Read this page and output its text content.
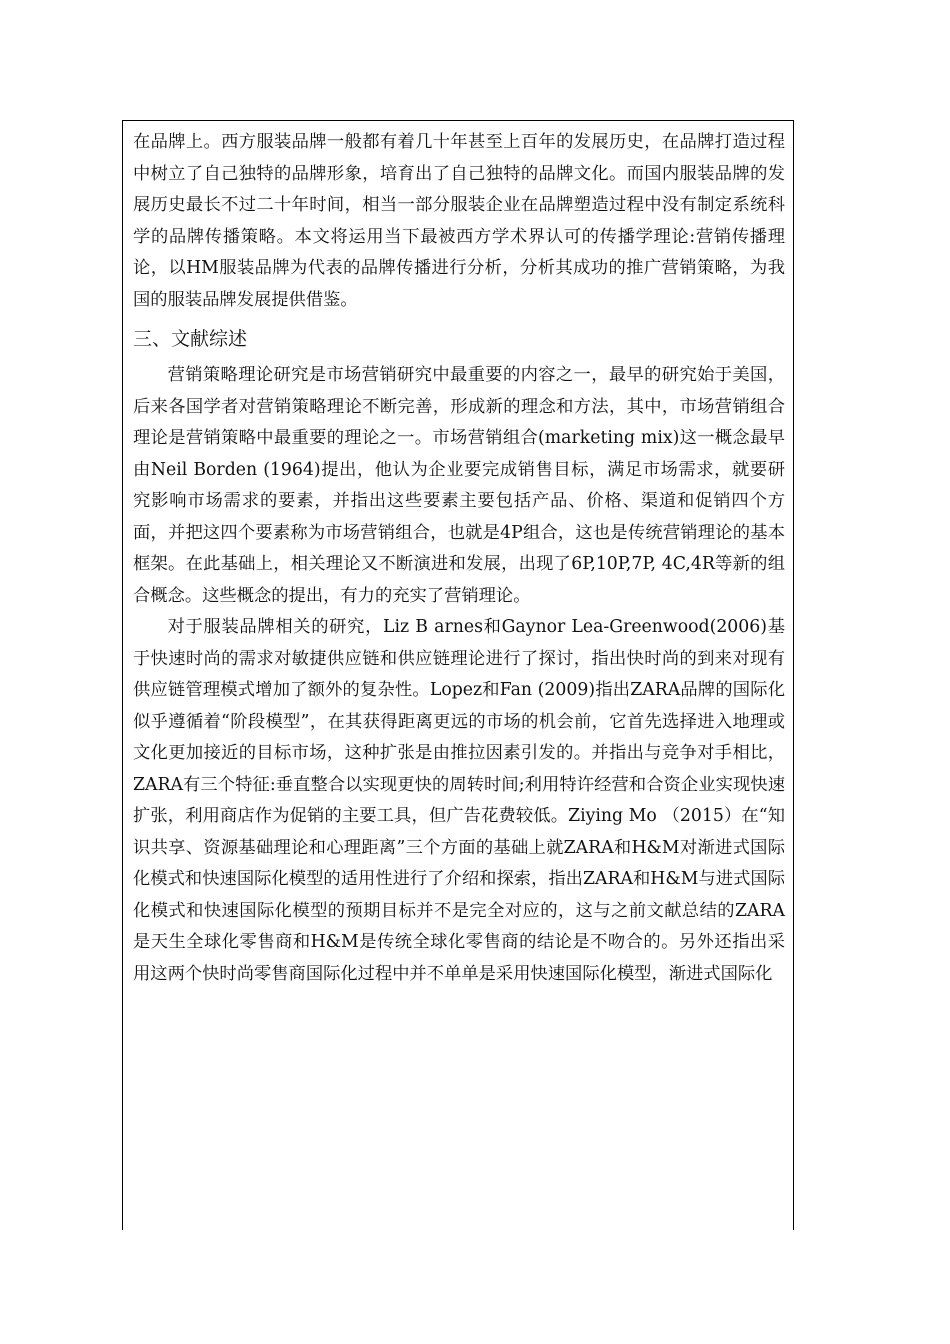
在品牌上。西方服装品牌一般都有着几十年甚至上百年的发展历史，在品牌打造过程中树立了自己独特的品牌形象，培育出了自己独特的品牌文化。而国内服装品牌的发展历史最长不过二十年时间，相当一部分服装企业在品牌塑造过程中没有制定系统科学的品牌传播策略。本文将运用当下最被西方学术界认可的传播学理论:营销传播理论，以HM服装品牌为代表的品牌传播进行分析，分析其成功的推广营销策略，为我国的服装品牌发展提供借鉴。

三、文献综述

营销策略理论研究是市场营销研究中最重要的内容之一，最早的研究始于美国，后来各国学者对营销策略理论不断完善，形成新的理念和方法，其中，市场营销组合理论是营销策略中最重要的理论之一。市场营销组合(marketing mix)这一概念最早由Neil Borden (1964)提出，他认为企业要完成销售目标，满足市场需求，就要研究影响市场需求的要素，并指出这些要素主要包括产品、价格、渠道和促销四个方面，并把这四个要素称为市场营销组合，也就是4P组合，这也是传统营销理论的基本框架。在此基础上，相关理论又不断演进和发展，出现了6P,10P,7P, 4C,4R等新的组合概念。这些概念的提出，有力的充实了营销理论。

对于服装品牌相关的研究，Liz B arnes和Gaynor Lea-Greenwood(2006)基于快速时尚的需求对敏捷供应链和供应链理论进行了探讨，指出快时尚的到来对现有供应链管理模式增加了额外的复杂性。Lopez和Fan (2009)指出ZARA品牌的国际化似乎遵循着“阶段模型”，在其获得距离更远的市场的机会前，它首先选择进入地理或文化更加接近的目标市场，这种扩张是由推拉因素引发的。并指出与竞争对手相比，ZARA有三个特征:垂直整合以实现更快的周转时间;利用特许经营和合资企业实现快速扩张，利用商店作为促销的主要工具，但广告花费较低。Ziying Mo （2015）在“知识共享、资源基础理论和心理距离”三个方面的基础上就ZARA和H&M对渐进式国际化模式和快速国际化模型的适用性进行了介绍和探索，指出ZARA和H&M与进式国际化模式和快速国际化模型的预期目标并不是完全对应的，这与之前文献总结的ZARA是天生全球化零售商和H&M是传统全球化零售商的结论是不吻合的。另外还指出采用这两个快时尚零售商国际化过程中并不单单是采用快速国际化模型，渐进式国际化
